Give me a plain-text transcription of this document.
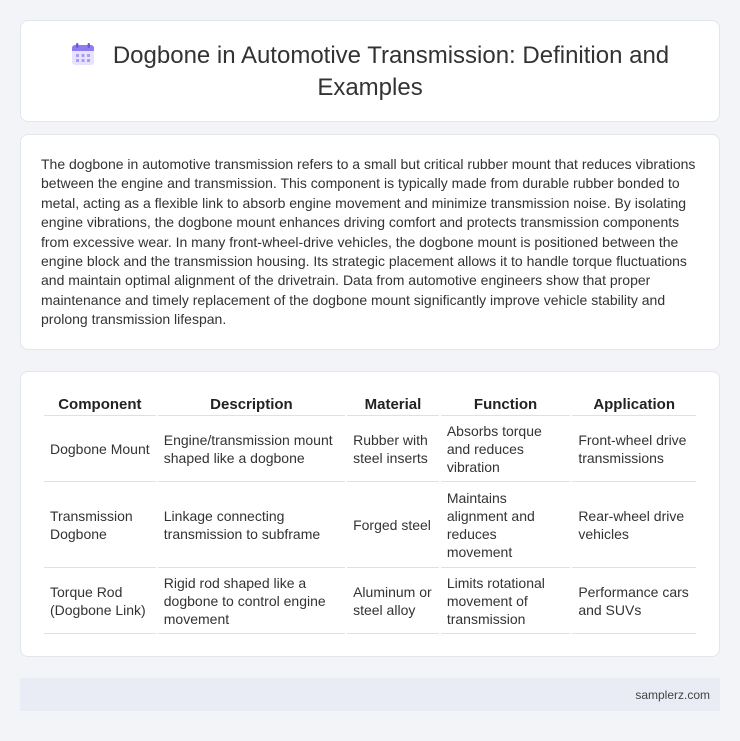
Dogbone in Automotive Transmission: Definition and Examples

The dogbone in automotive transmission refers to a small but critical rubber mount that reduces vibrations between the engine and transmission. This component is typically made from durable rubber bonded to metal, acting as a flexible link to absorb engine movement and minimize transmission noise. By isolating engine vibrations, the dogbone mount enhances driving comfort and protects transmission components from excessive wear. In many front-wheel-drive vehicles, the dogbone mount is positioned between the engine block and the transmission housing. Its strategic placement allows it to handle torque fluctuations and maintain optimal alignment of the drivetrain. Data from automotive engineers show that proper maintenance and timely replacement of the dogbone mount significantly improve vehicle stability and prolong transmission lifespan.

Component	Description	Material	Function	Application
Dogbone Mount	Engine/transmission mount shaped like a dogbone	Rubber with steel inserts	Absorbs torque and reduces vibration	Front-wheel drive transmissions
Transmission Dogbone	Linkage connecting transmission to subframe	Forged steel	Maintains alignment and reduces movement	Rear-wheel drive vehicles
Torque Rod (Dogbone Link)	Rigid rod shaped like a dogbone to control engine movement	Aluminum or steel alloy	Limits rotational movement of transmission	Performance cars and SUVs
samplerz.com
